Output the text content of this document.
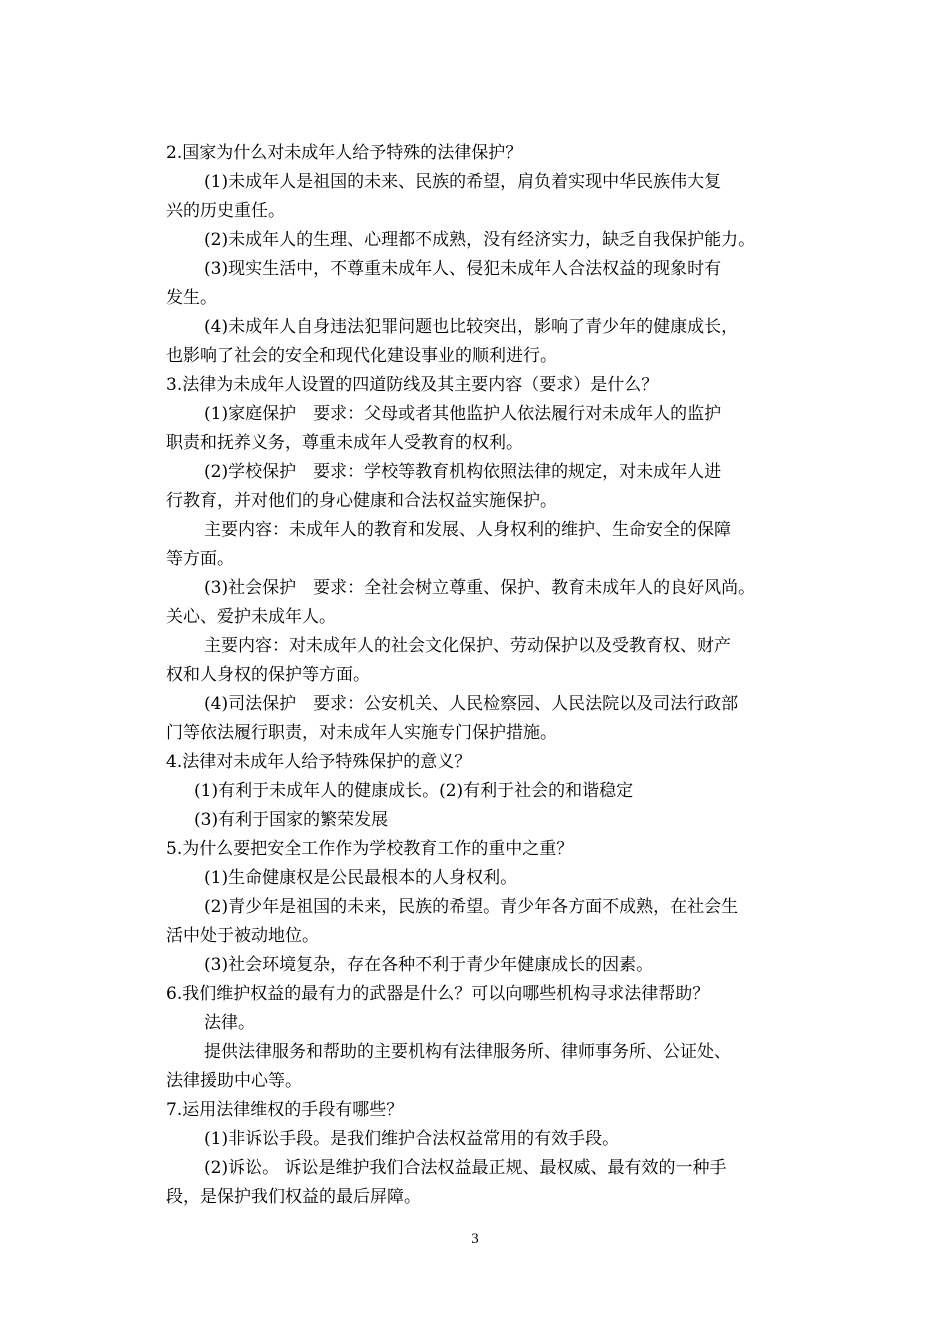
2.国家为什么对未成年人给予特殊的法律保护？
(1)未成年人是祖国的未来、民族的希望，肩负着实现中华民族伟大复
兴的历史重任。
(2)未成年人的生理、心理都不成熟，没有经济实力，缺乏自我保护能力。
(3)现实生活中，不尊重未成年人、侵犯未成年人合法权益的现象时有
发生。
(4)未成年人自身违法犯罪问题也比较突出，影响了青少年的健康成长，
也影响了社会的安全和现代化建设事业的顺利进行。
3.法律为未成年人设置的四道防线及其主要内容（要求）是什么？
(1)家庭保护　要求：父母或者其他监护人依法履行对未成年人的监护
职责和抚养义务，尊重未成年人受教育的权利。
(2)学校保护　要求：学校等教育机构依照法律的规定，对未成年人进
行教育，并对他们的身心健康和合法权益实施保护。
主要内容：未成年人的教育和发展、人身权利的维护、生命安全的保障
等方面。
(3)社会保护　要求：全社会树立尊重、保护、教育未成年人的良好风尚。
关心、爱护未成年人。
主要内容：对未成年人的社会文化保护、劳动保护以及受教育权、财产
权和人身权的保护等方面。
(4)司法保护　要求：公安机关、人民检察园、人民法院以及司法行政部
门等依法履行职责，对未成年人实施专门保护措施。
4.法律对未成年人给予特殊保护的意义？
(1)有利于未成年人的健康成长。(2)有利于社会的和谐稳定
(3)有利于国家的繁荣发展
5.为什么要把安全工作作为学校教育工作的重中之重？
(1)生命健康权是公民最根本的人身权利。
(2)青少年是祖国的未来，民族的希望。青少年各方面不成熟，在社会生
活中处于被动地位。
(3)社会环境复杂，存在各种不利于青少年健康成长的因素。
6.我们维护权益的最有力的武器是什么？可以向哪些机构寻求法律帮助？
法律。
提供法律服务和帮助的主要机构有法律服务所、律师事务所、公证处、
法律援助中心等。
7.运用法律维权的手段有哪些？
(1)非诉讼手段。是我们维护合法权益常用的有效手段。
(2)诉讼。 诉讼是维护我们合法权益最正规、最权威、最有效的一种手
段，是保护我们权益的最后屏障。
3
